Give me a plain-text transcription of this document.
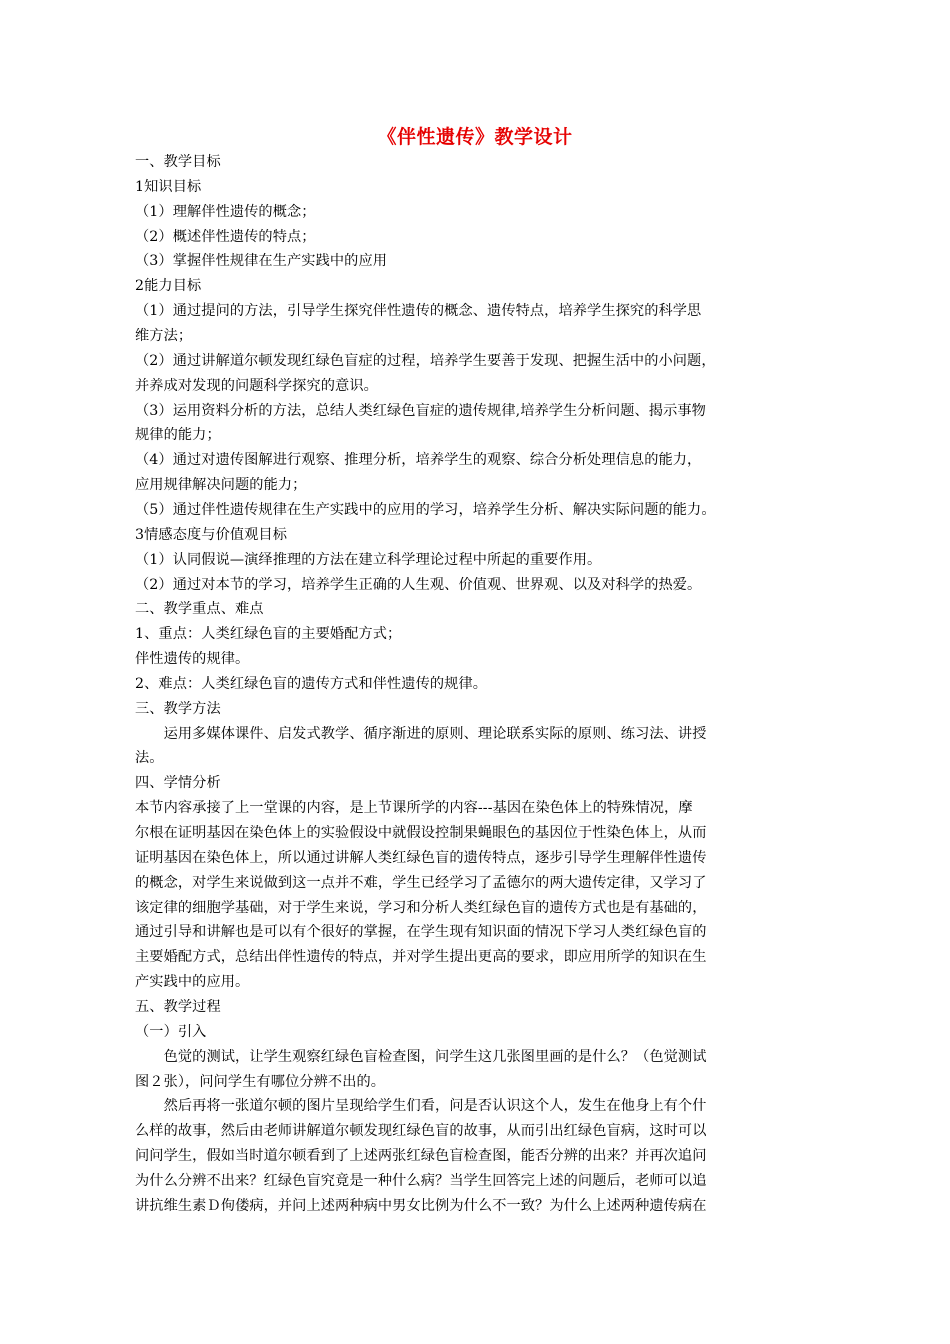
《伴性遗传》教学设计
一、教学目标
1知识目标
（1）理解伴性遗传的概念；
（2）概述伴性遗传的特点；
（3）掌握伴性规律在生产实践中的应用
2能力目标
（1）通过提问的方法，引导学生探究伴性遗传的概念、遗传特点，培养学生探究的科学思
维方法；
（2）通过讲解道尔顿发现红绿色盲症的过程，培养学生要善于发现、把握生活中的小问题，
并养成对发现的问题科学探究的意识。
（3）运用资料分析的方法，总结人类红绿色盲症的遗传规律,培养学生分析问题、揭示事物
规律的能力；
（4）通过对遗传图解进行观察、推理分析，培养学生的观察、综合分析处理信息的能力，
应用规律解决问题的能力；
（5）通过伴性遗传规律在生产实践中的应用的学习，培养学生分析、解决实际问题的能力。
3情感态度与价值观目标
（1）认同假说—演绎推理的方法在建立科学理论过程中所起的重要作用。
（2）通过对本节的学习，培养学生正确的人生观、价值观、世界观、以及对科学的热爱。
二、教学重点、难点
1、重点：人类红绿色盲的主要婚配方式；
伴性遗传的规律。
2、难点：人类红绿色盲的遗传方式和伴性遗传的规律。
三、教学方法
　　运用多媒体课件、启发式教学、循序渐进的原则、理论联系实际的原则、练习法、讲授
法。
四、学情分析
本节内容承接了上一堂课的内容，是上节课所学的内容---基因在染色体上的特殊情况，摩
尔根在证明基因在染色体上的实验假设中就假设控制果蝇眼色的基因位于性染色体上，从而
证明基因在染色体上，所以通过讲解人类红绿色盲的遗传特点，逐步引导学生理解伴性遗传
的概念，对学生来说做到这一点并不难，学生已经学习了孟德尔的两大遗传定律，又学习了
该定律的细胞学基础，对于学生来说，学习和分析人类红绿色盲的遗传方式也是有基础的，
通过引导和讲解也是可以有个很好的掌握，在学生现有知识面的情况下学习人类红绿色盲的
主要婚配方式，总结出伴性遗传的特点，并对学生提出更高的要求，即应用所学的知识在生
产实践中的应用。
五、教学过程
（一）引入
　　色觉的测试，让学生观察红绿色盲检查图，问学生这几张图里画的是什么？（色觉测试
图２张），问问学生有哪位分辨不出的。
　　然后再将一张道尔顿的图片呈现给学生们看，问是否认识这个人，发生在他身上有个什
么样的故事，然后由老师讲解道尔顿发现红绿色盲的故事，从而引出红绿色盲病，这时可以
问问学生，假如当时道尔顿看到了上述两张红绿色盲检查图，能否分辨的出来？并再次追问
为什么分辨不出来？红绿色盲究竟是一种什么病？当学生回答完上述的问题后，老师可以追
讲抗维生素Ｄ佝偻病，并问上述两种病中男女比例为什么不一致？为什么上述两种遗传病在
